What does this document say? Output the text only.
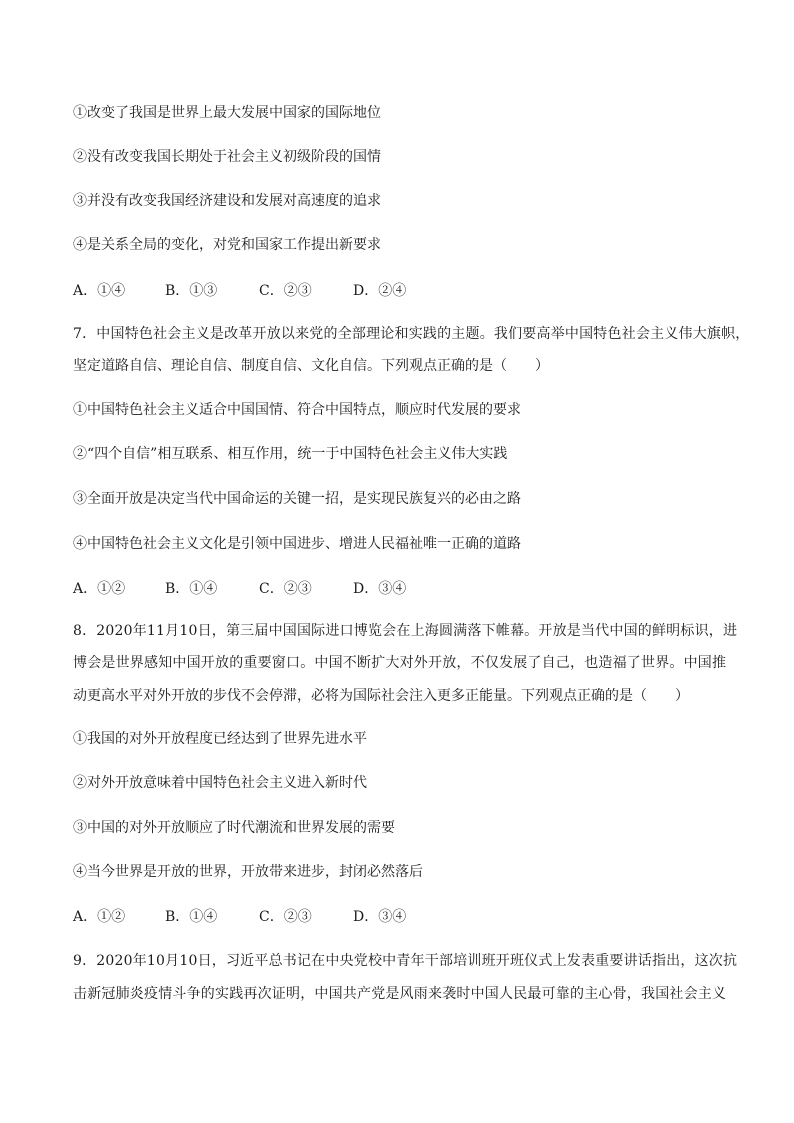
①改变了我国是世界上最大发展中国家的国际地位
②没有改变我国长期处于社会主义初级阶段的国情
③并没有改变我国经济建设和发展对高速度的追求
④是关系全局的变化，对党和国家工作提出新要求
A．①④	B．①③	C．②③	D．②④
7．中国特色社会主义是改革开放以来党的全部理论和实践的主题。我们要高举中国特色社会主义伟大旗帜，
坚定道路自信、理论自信、制度自信、文化自信。下列观点正确的是（　　）
①中国特色社会主义适合中国国情、符合中国特点，顺应时代发展的要求
②“四个自信”相互联系、相互作用，统一于中国特色社会主义伟大实践
③全面开放是决定当代中国命运的关键一招，是实现民族复兴的必由之路
④中国特色社会主义文化是引领中国进步、增进人民福祉唯一正确的道路
A．①②	B．①④	C．②③	D．③④
8．2020年11月10日，第三届中国国际进口博览会在上海圆满落下帷幕。开放是当代中国的鲜明标识，进
博会是世界感知中国开放的重要窗口。中国不断扩大对外开放，不仅发展了自己，也造福了世界。中国推
动更高水平对外开放的步伐不会停滞，必将为国际社会注入更多正能量。下列观点正确的是（　　）
①我国的对外开放程度已经达到了世界先进水平
②对外开放意味着中国特色社会主义进入新时代
③中国的对外开放顺应了时代潮流和世界发展的需要
④当今世界是开放的世界，开放带来进步，封闭必然落后
A．①②	B．①④	C．②③	D．③④
9．2020年10月10日，习近平总书记在中央党校中青年干部培训班开班仪式上发表重要讲话指出，这次抗
击新冠肺炎疫情斗争的实践再次证明，中国共产党是风雨来袭时中国人民最可靠的主心骨，我国社会主义
